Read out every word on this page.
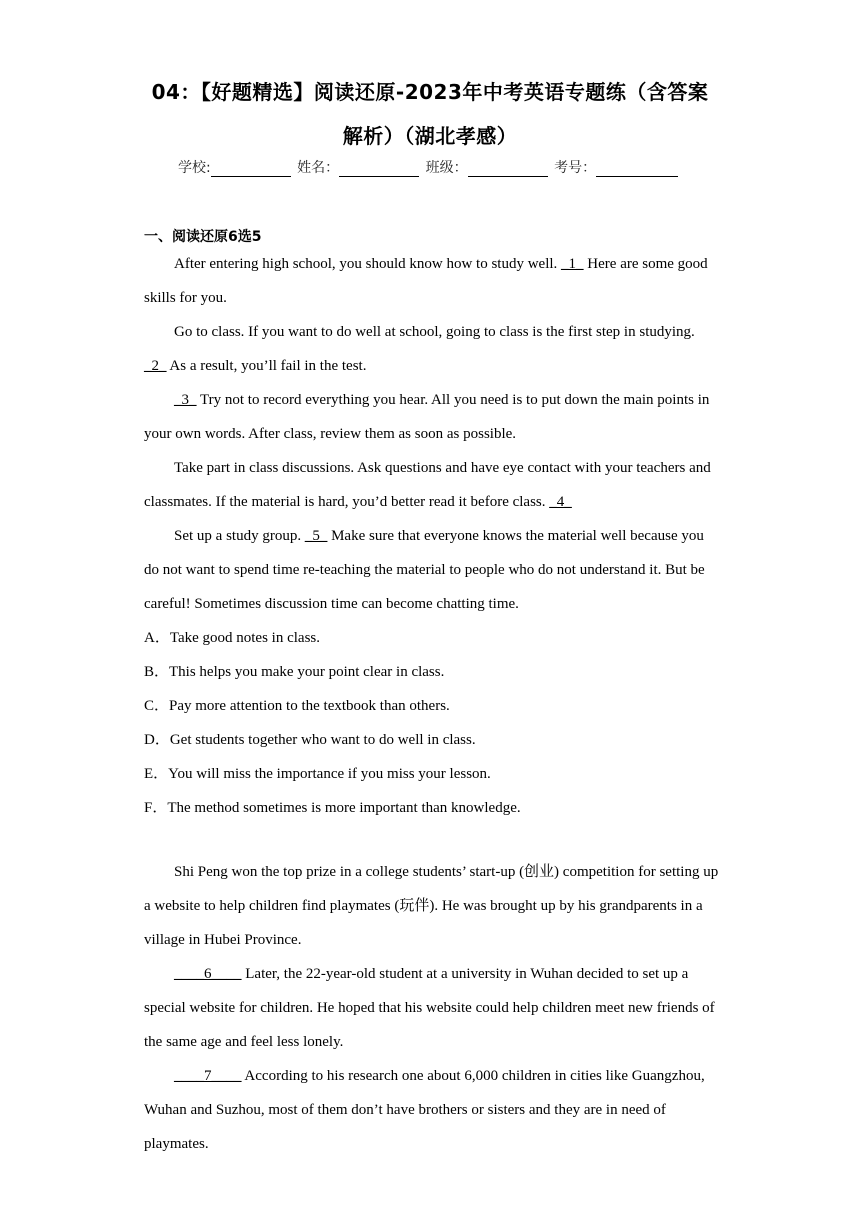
04：【好题精选】阅读还原-2023年中考英语专题练（含答案
解析）（湖北孝感）
学校:	姓名：	班级：	考号：
一、阅读还原6选5

After entering high school, you should know how to study well. _1_ Here are some good skills for you.

Go to class. If you want to do well at school, going to class is the first step in studying. _2_ As a result, you’ll fail in the test.

_3_ Try not to record everything you hear. All you need is to put down the main points in your own words. After class, review them as soon as possible.

Take part in class discussions. Ask questions and have eye contact with your teachers and classmates. If the material is hard, you’d better read it before class. _4_

Set up a study group. _5_ Make sure that everyone knows the material well because you do not want to spend time re-teaching the material to people who do not understand it. But be careful! Sometimes discussion time can become chatting time.

A．Take good notes in class.

B．This helps you make your point clear in class.

C．Pay more attention to the textbook than others.

D．Get students together who want to do well in class.

E．You will miss the importance if you miss your lesson.

F．The method sometimes is more important than knowledge.

Shi Peng won the top prize in a college students’ start-up (创业) competition for setting up a website to help children find playmates (玩伴). He was brought up by his grandparents in a village in Hubei Province.

____6____ Later, the 22-year-old student at a university in Wuhan decided to set up a special website for children. He hoped that his website could help children meet new friends of the same age and feel less lonely.

____7____ According to his research one about 6,000 children in cities like Guangzhou, Wuhan and Suzhou, most of them don’t have brothers or sisters and they are in need of playmates.
